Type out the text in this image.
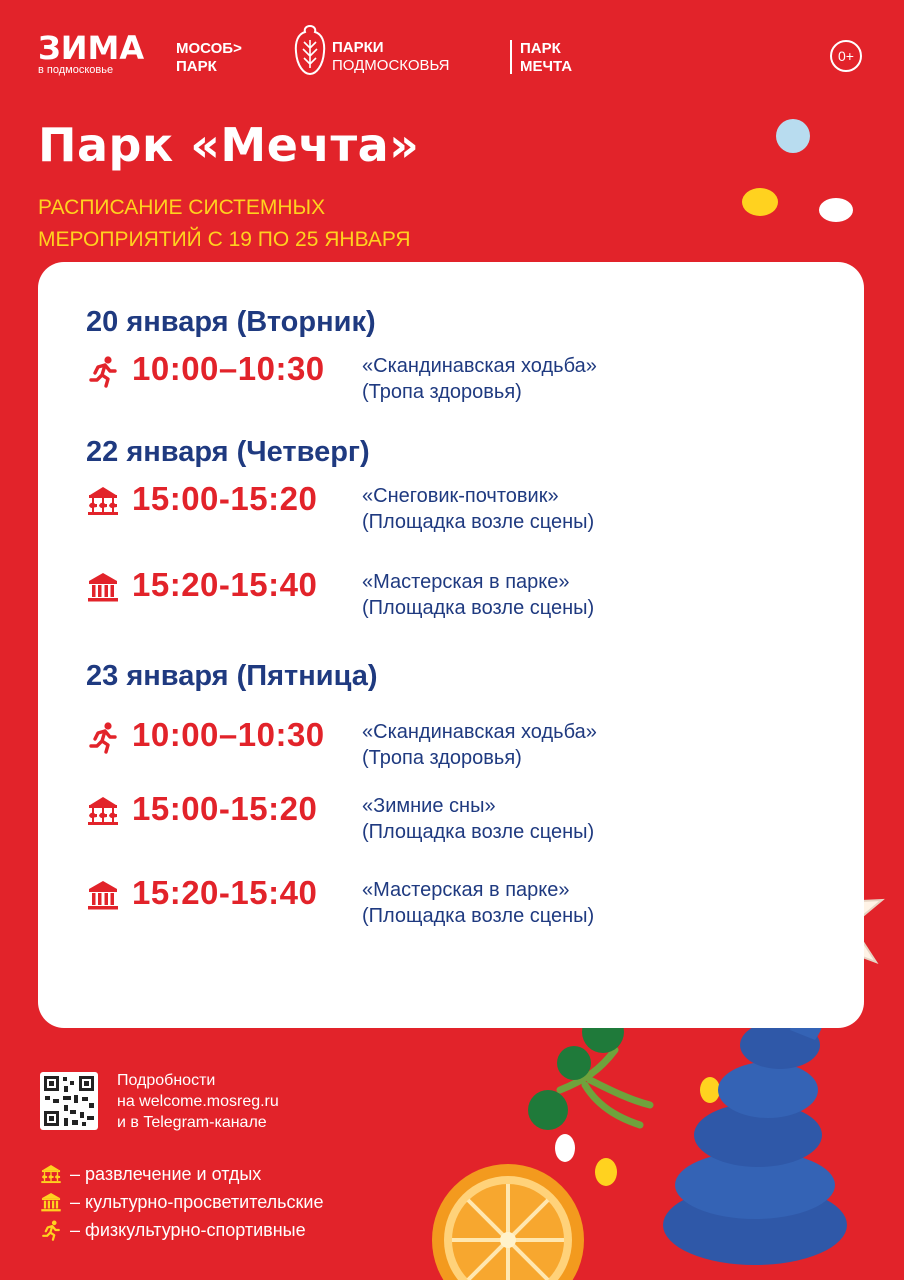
ЗИМА
в подмосковье
МОСОБ>
ПАРК
ПАРКИ
ПОДМОСКОВЬЯ
ПАРК
МЕЧТА
0+
Парк «Мечта»
РАСПИСАНИЕ СИСТЕМНЫХ
МЕРОПРИЯТИЙ С 19 ПО 25 ЯНВАРЯ
20 января (Вторник)
10:00–10:30 «Скандинавская ходьба»
(Тропа здоровья)
22 января (Четверг)
15:00-15:20 «Снеговик-почтовик»
(Площадка возле сцены)
15:20-15:40 «Мастерская в парке»
(Площадка возле сцены)
23 января (Пятница)
10:00–10:30 «Скандинавская ходьба»
(Тропа здоровья)
15:00-15:20 «Зимние сны»
(Площадка возле сцены)
15:20-15:40 «Мастерская в парке»
(Площадка возле сцены)
Подробности
на welcome.mosreg.ru
и в Telegram-канале
– развлечение и отдых
– культурно-просветительские
– физкультурно-спортивные
